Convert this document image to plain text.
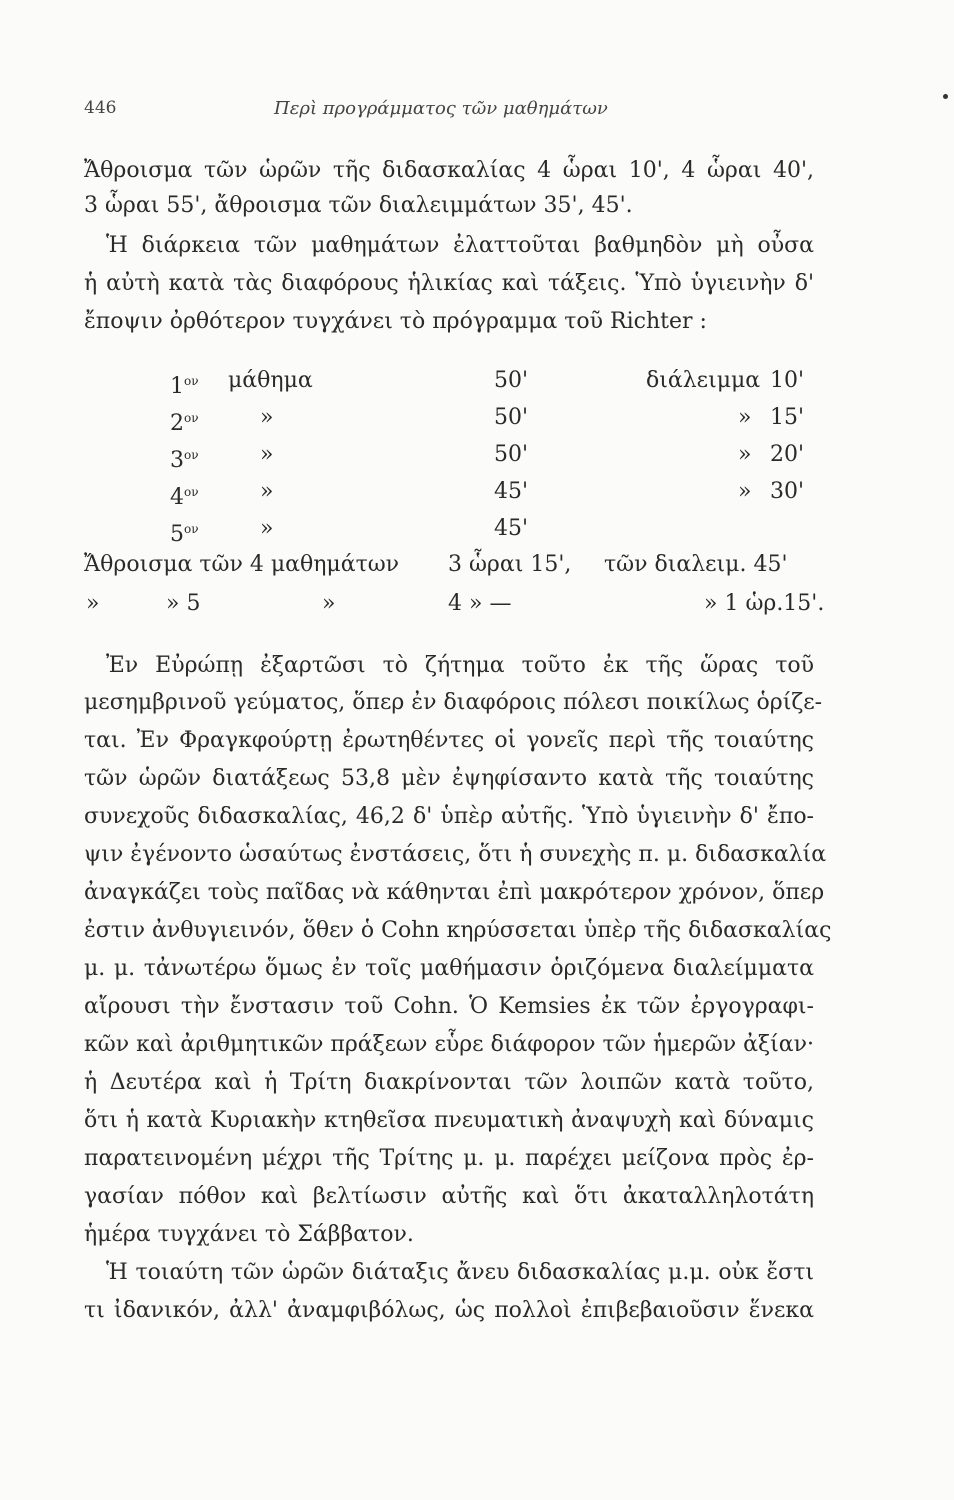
446	Περὶ προγράμματος τῶν μαθημάτων
Ἄθροισμα τῶν ὡρῶν τῆς διδασκαλίας 4 ὧραι 10', 4 ὧραι 40',
3 ὧραι 55', ἄθροισμα τῶν διαλειμμάτων 35', 45'.
Ἡ διάρκεια τῶν μαθημάτων ἐλαττοῦται βαθμηδὸν μὴ οὖσα
ἡ αὐτὴ κατὰ τὰς διαφόρους ἡλικίας καὶ τάξεις. Ὑπὸ ὑγιεινὴν δ'
ἔποψιν ὀρθότερον τυγχάνει τὸ πρόγραμμα τοῦ Richter :
$1^{o\nu}$ μάθημα	50'	διάλειμμα 10'
$2^{o\nu}$	»	50'	» 15'
$3^{o\nu}$	»	50'	» 20'
$4^{o\nu}$	»	45'	» 30'
$5^{o\nu}$	»	45'
Ἄθροισμα τῶν 4 μαθημάτων 3 ὧραι 15', τῶν διαλειμ. 45'
»	» 5	»	4 » —	» 1 ὡρ.15'.
Ἐν Εὐρώπῃ ἐξαρτῶσι τὸ ζήτημα τοῦτο ἐκ τῆς ὥρας τοῦ
μεσημβρινοῦ γεύματος, ὅπερ ἐν διαφόροις πόλεσι ποικίλως ὁρίζε-
ται. Ἐν Φραγκφούρτῃ ἐρωτηθέντες οἱ γονεῖς περὶ τῆς τοιαύτης
τῶν ὡρῶν διατάξεως 53,8 μὲν ἐψηφίσαντο κατὰ τῆς τοιαύτης
συνεχοῦς διδασκαλίας, 46,2 δ' ὑπὲρ αὐτῆς. Ὑπὸ ὑγιεινὴν δ' ἔπο-
ψιν ἐγένοντο ὡσαύτως ἐνστάσεις, ὅτι ἡ συνεχὴς π. μ. διδασκαλία
ἀναγκάζει τοὺς παῖδας νὰ κάθηνται ἐπὶ μακρότερον χρόνον, ὅπερ
ἐστιν ἀνθυγιεινόν, ὅθεν ὁ Cohn κηρύσσεται ὑπὲρ τῆς διδασκαλίας
μ. μ. τἀνωτέρω ὅμως ἐν τοῖς μαθήμασιν ὁριζόμενα διαλείμματα
αἴρουσι τὴν ἔνστασιν τοῦ Cohn. Ὁ Kemsies ἐκ τῶν ἐργογραφι-
κῶν καὶ ἀριθμητικῶν πράξεων εὗρε διάφορον τῶν ἡμερῶν ἀξίαν·
ἡ Δευτέρα καὶ ἡ Τρίτη διακρίνονται τῶν λοιπῶν κατὰ τοῦτο,
ὅτι ἡ κατὰ Κυριακὴν κτηθεῖσα πνευματικὴ ἀναψυχὴ καὶ δύναμις
παρατεινομένη μέχρι τῆς Τρίτης μ. μ. παρέχει μείζονα πρὸς ἐρ-
γασίαν πόθον καὶ βελτίωσιν αὐτῆς καὶ ὅτι ἀκαταλληλοτάτη
ἡμέρα τυγχάνει τὸ Σάββατον.
Ἡ τοιαύτη τῶν ὡρῶν διάταξις ἄνευ διδασκαλίας μ.μ. οὐκ ἔστι
τι ἰδανικόν, ἀλλ' ἀναμφιβόλως, ὡς πολλοὶ ἐπιβεβαιοῦσιν ἕνεκα
